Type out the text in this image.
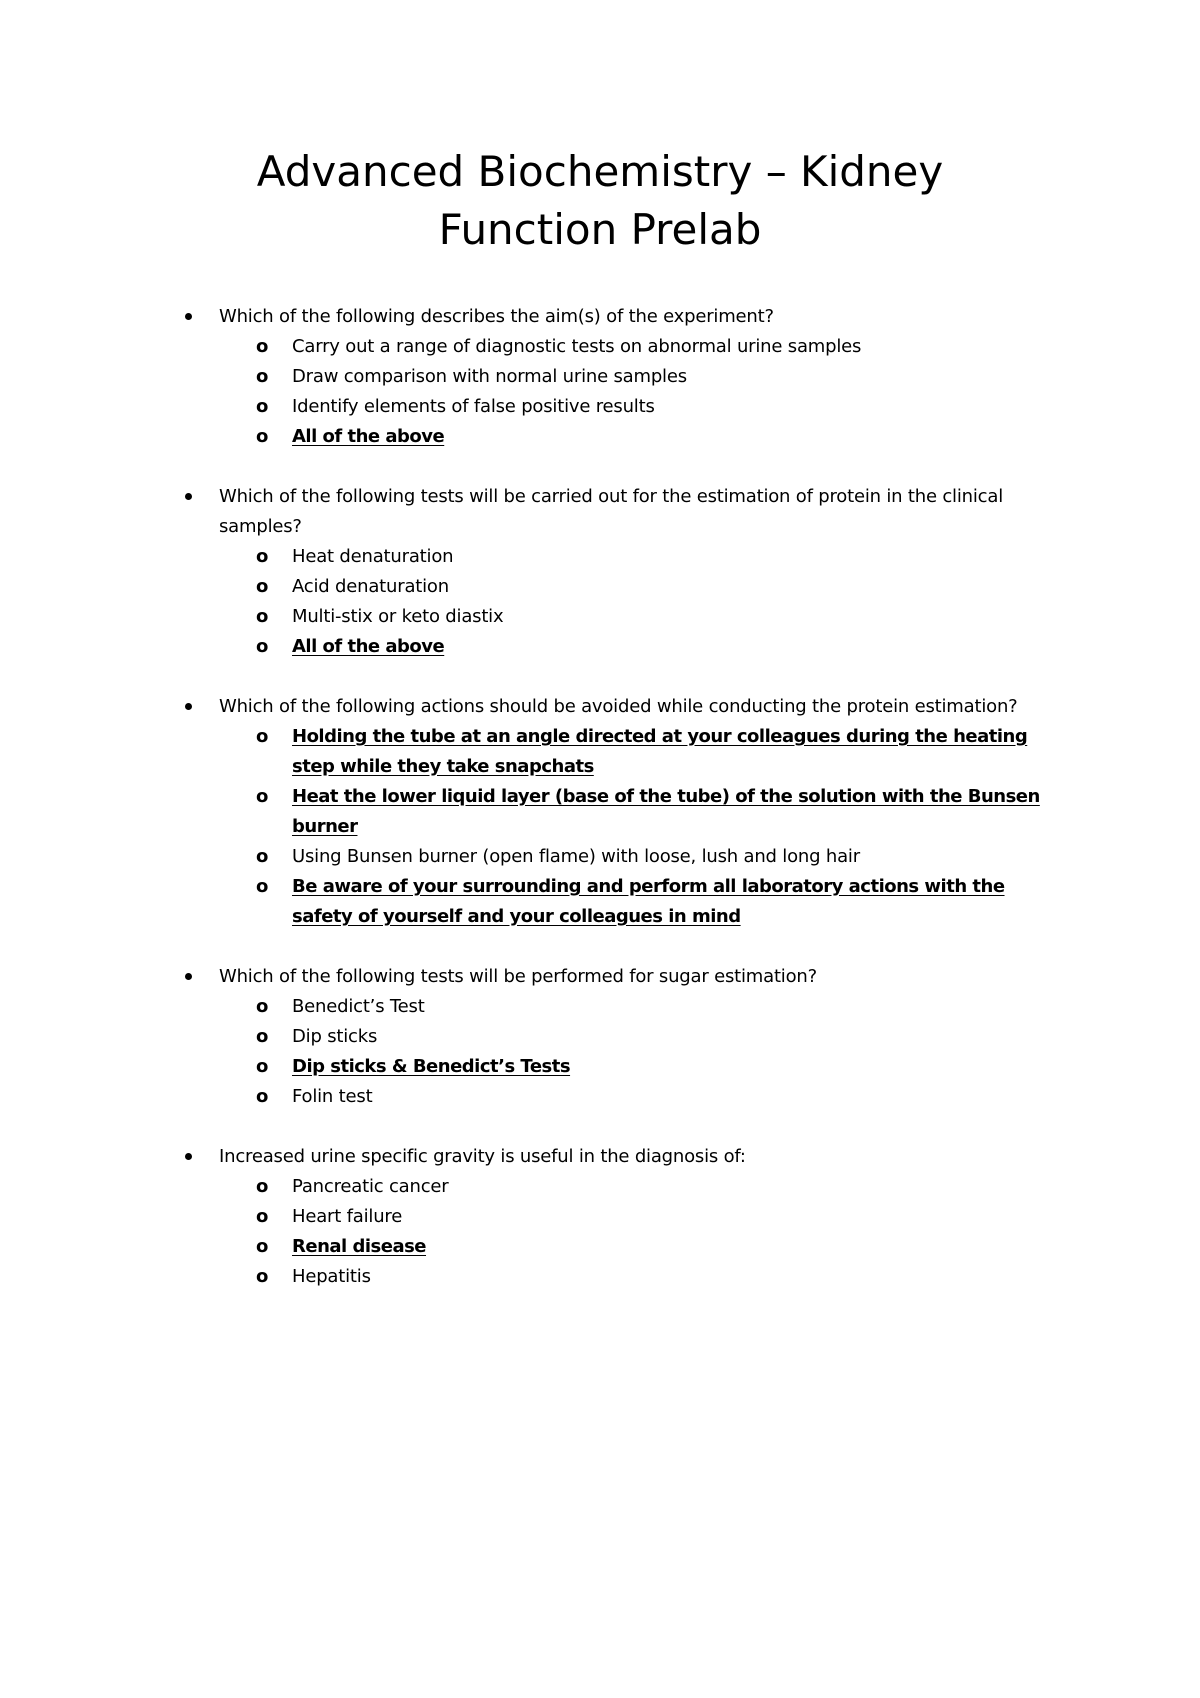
Advanced Biochemistry – Kidney
Function Prelab
Which of the following describes the aim(s) of the experiment?
o Carry out a range of diagnostic tests on abnormal urine samples
o Draw comparison with normal urine samples
o Identify elements of false positive results
o All of the above
Which of the following tests will be carried out for the estimation of protein in the clinical samples?
o Heat denaturation
o Acid denaturation
o Multi-stix or keto diastix
o All of the above
Which of the following actions should be avoided while conducting the protein estimation?
o Holding the tube at an angle directed at your colleagues during the heating step while they take snapchats
o Heat the lower liquid layer (base of the tube) of the solution with the Bunsen burner
o Using Bunsen burner (open flame) with loose, lush and long hair
o Be aware of your surrounding and perform all laboratory actions with the safety of yourself and your colleagues in mind
Which of the following tests will be performed for sugar estimation?
o Benedict’s Test
o Dip sticks
o Dip sticks & Benedict’s Tests
o Folin test
Increased urine specific gravity is useful in the diagnosis of:
o Pancreatic cancer
o Heart failure
o Renal disease
o Hepatitis
